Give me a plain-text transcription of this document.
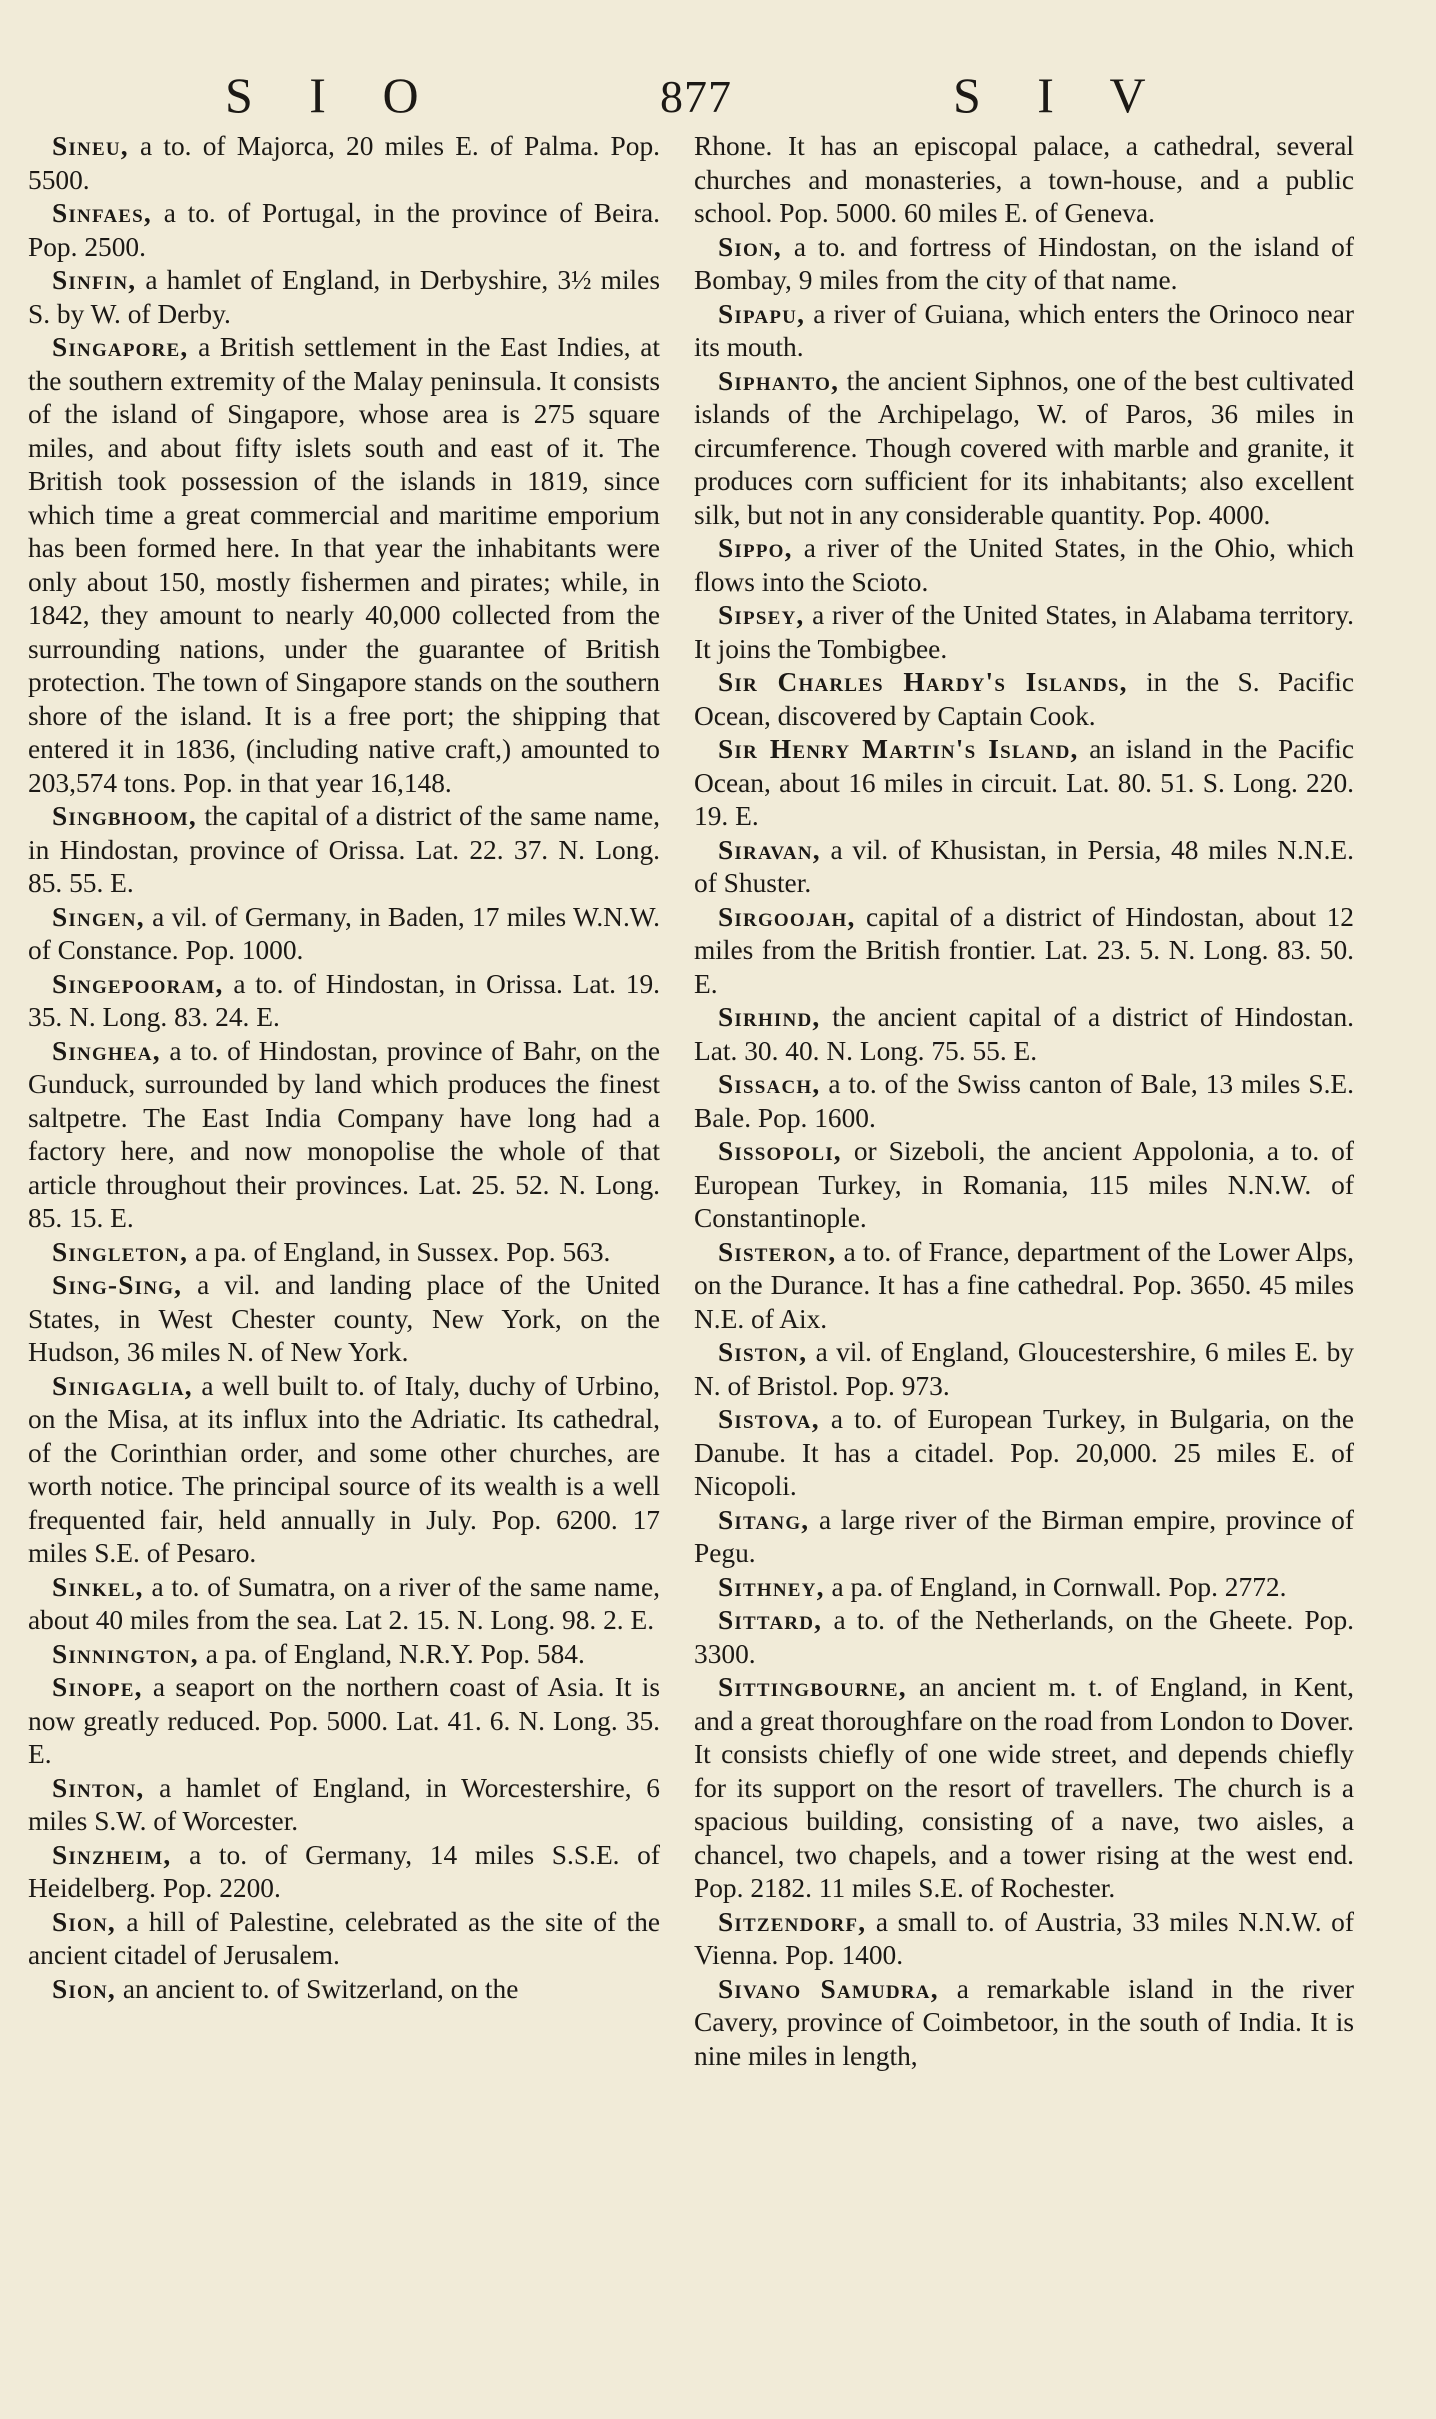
S I O	877	S I V

Sineu, a to. of Majorca, 20 miles E. of Palma. Pop. 5500.

Sinfaes, a to. of Portugal, in the province of Beira. Pop. 2500.

Sinfin, a hamlet of England, in Derbyshire, 3½ miles S. by W. of Derby.

Singapore, a British settlement in the East Indies, at the southern extremity of the Malay peninsula. It consists of the island of Singapore, whose area is 275 square miles, and about fifty islets south and east of it. The British took possession of the islands in 1819, since which time a great commercial and maritime emporium has been formed here. In that year the inhabitants were only about 150, mostly fishermen and pirates; while, in 1842, they amount to nearly 40,000 collected from the surrounding nations, under the guarantee of British protection. The town of Singapore stands on the southern shore of the island. It is a free port; the shipping that entered it in 1836, (including native craft,) amounted to 203,574 tons. Pop. in that year 16,148.

Singbhoom, the capital of a district of the same name, in Hindostan, province of Orissa. Lat. 22. 37. N. Long. 85. 55. E.

Singen, a vil. of Germany, in Baden, 17 miles W.N.W. of Constance. Pop. 1000.

Singepooram, a to. of Hindostan, in Orissa. Lat. 19. 35. N. Long. 83. 24. E.

Singhea, a to. of Hindostan, province of Bahr, on the Gunduck, surrounded by land which produces the finest saltpetre. The East India Company have long had a factory here, and now monopolise the whole of that article throughout their provinces. Lat. 25. 52. N. Long. 85. 15. E.

Singleton, a pa. of England, in Sussex. Pop. 563.

Sing-Sing, a vil. and landing place of the United States, in West Chester county, New York, on the Hudson, 36 miles N. of New York.

Sinigaglia, a well built to. of Italy, duchy of Urbino, on the Misa, at its influx into the Adriatic. Its cathedral, of the Corinthian order, and some other churches, are worth notice. The principal source of its wealth is a well frequented fair, held annually in July. Pop. 6200. 17 miles S.E. of Pesaro.

Sinkel, a to. of Sumatra, on a river of the same name, about 40 miles from the sea. Lat 2. 15. N. Long. 98. 2. E.

Sinnington, a pa. of England, N.R.Y. Pop. 584.

Sinope, a seaport on the northern coast of Asia. It is now greatly reduced. Pop. 5000. Lat. 41. 6. N. Long. 35. E.

Sinton, a hamlet of England, in Worcestershire, 6 miles S.W. of Worcester.

Sinzheim, a to. of Germany, 14 miles S.S.E. of Heidelberg. Pop. 2200.

Sion, a hill of Palestine, celebrated as the site of the ancient citadel of Jerusalem.

Sion, an ancient to. of Switzerland, on the

Rhone. It has an episcopal palace, a cathedral, several churches and monasteries, a town-house, and a public school. Pop. 5000. 60 miles E. of Geneva.

Sion, a to. and fortress of Hindostan, on the island of Bombay, 9 miles from the city of that name.

Sipapu, a river of Guiana, which enters the Orinoco near its mouth.

Siphanto, the ancient Siphnos, one of the best cultivated islands of the Archipelago, W. of Paros, 36 miles in circumference. Though covered with marble and granite, it produces corn sufficient for its inhabitants; also excellent silk, but not in any considerable quantity. Pop. 4000.

Sippo, a river of the United States, in the Ohio, which flows into the Scioto.

Sipsey, a river of the United States, in Alabama territory. It joins the Tombigbee.

Sir Charles Hardy's Islands, in the S. Pacific Ocean, discovered by Captain Cook.

Sir Henry Martin's Island, an island in the Pacific Ocean, about 16 miles in circuit. Lat. 80. 51. S. Long. 220. 19. E.

Siravan, a vil. of Khusistan, in Persia, 48 miles N.N.E. of Shuster.

Sirgoojah, capital of a district of Hindostan, about 12 miles from the British frontier. Lat. 23. 5. N. Long. 83. 50. E.

Sirhind, the ancient capital of a district of Hindostan. Lat. 30. 40. N. Long. 75. 55. E.

Sissach, a to. of the Swiss canton of Bale, 13 miles S.E. Bale. Pop. 1600.

Sissopoli, or Sizeboli, the ancient Appolonia, a to. of European Turkey, in Romania, 115 miles N.N.W. of Constantinople.

Sisteron, a to. of France, department of the Lower Alps, on the Durance. It has a fine cathedral. Pop. 3650. 45 miles N.E. of Aix.

Siston, a vil. of England, Gloucestershire, 6 miles E. by N. of Bristol. Pop. 973.

Sistova, a to. of European Turkey, in Bulgaria, on the Danube. It has a citadel. Pop. 20,000. 25 miles E. of Nicopoli.

Sitang, a large river of the Birman empire, province of Pegu.

Sithney, a pa. of England, in Cornwall. Pop. 2772.

Sittard, a to. of the Netherlands, on the Gheete. Pop. 3300.

Sittingbourne, an ancient m. t. of England, in Kent, and a great thoroughfare on the road from London to Dover. It consists chiefly of one wide street, and depends chiefly for its support on the resort of travellers. The church is a spacious building, consisting of a nave, two aisles, a chancel, two chapels, and a tower rising at the west end. Pop. 2182. 11 miles S.E. of Rochester.

Sitzendorf, a small to. of Austria, 33 miles N.N.W. of Vienna. Pop. 1400.

Sivano Samudra, a remarkable island in the river Cavery, province of Coimbetoor, in the south of India. It is nine miles in length,
